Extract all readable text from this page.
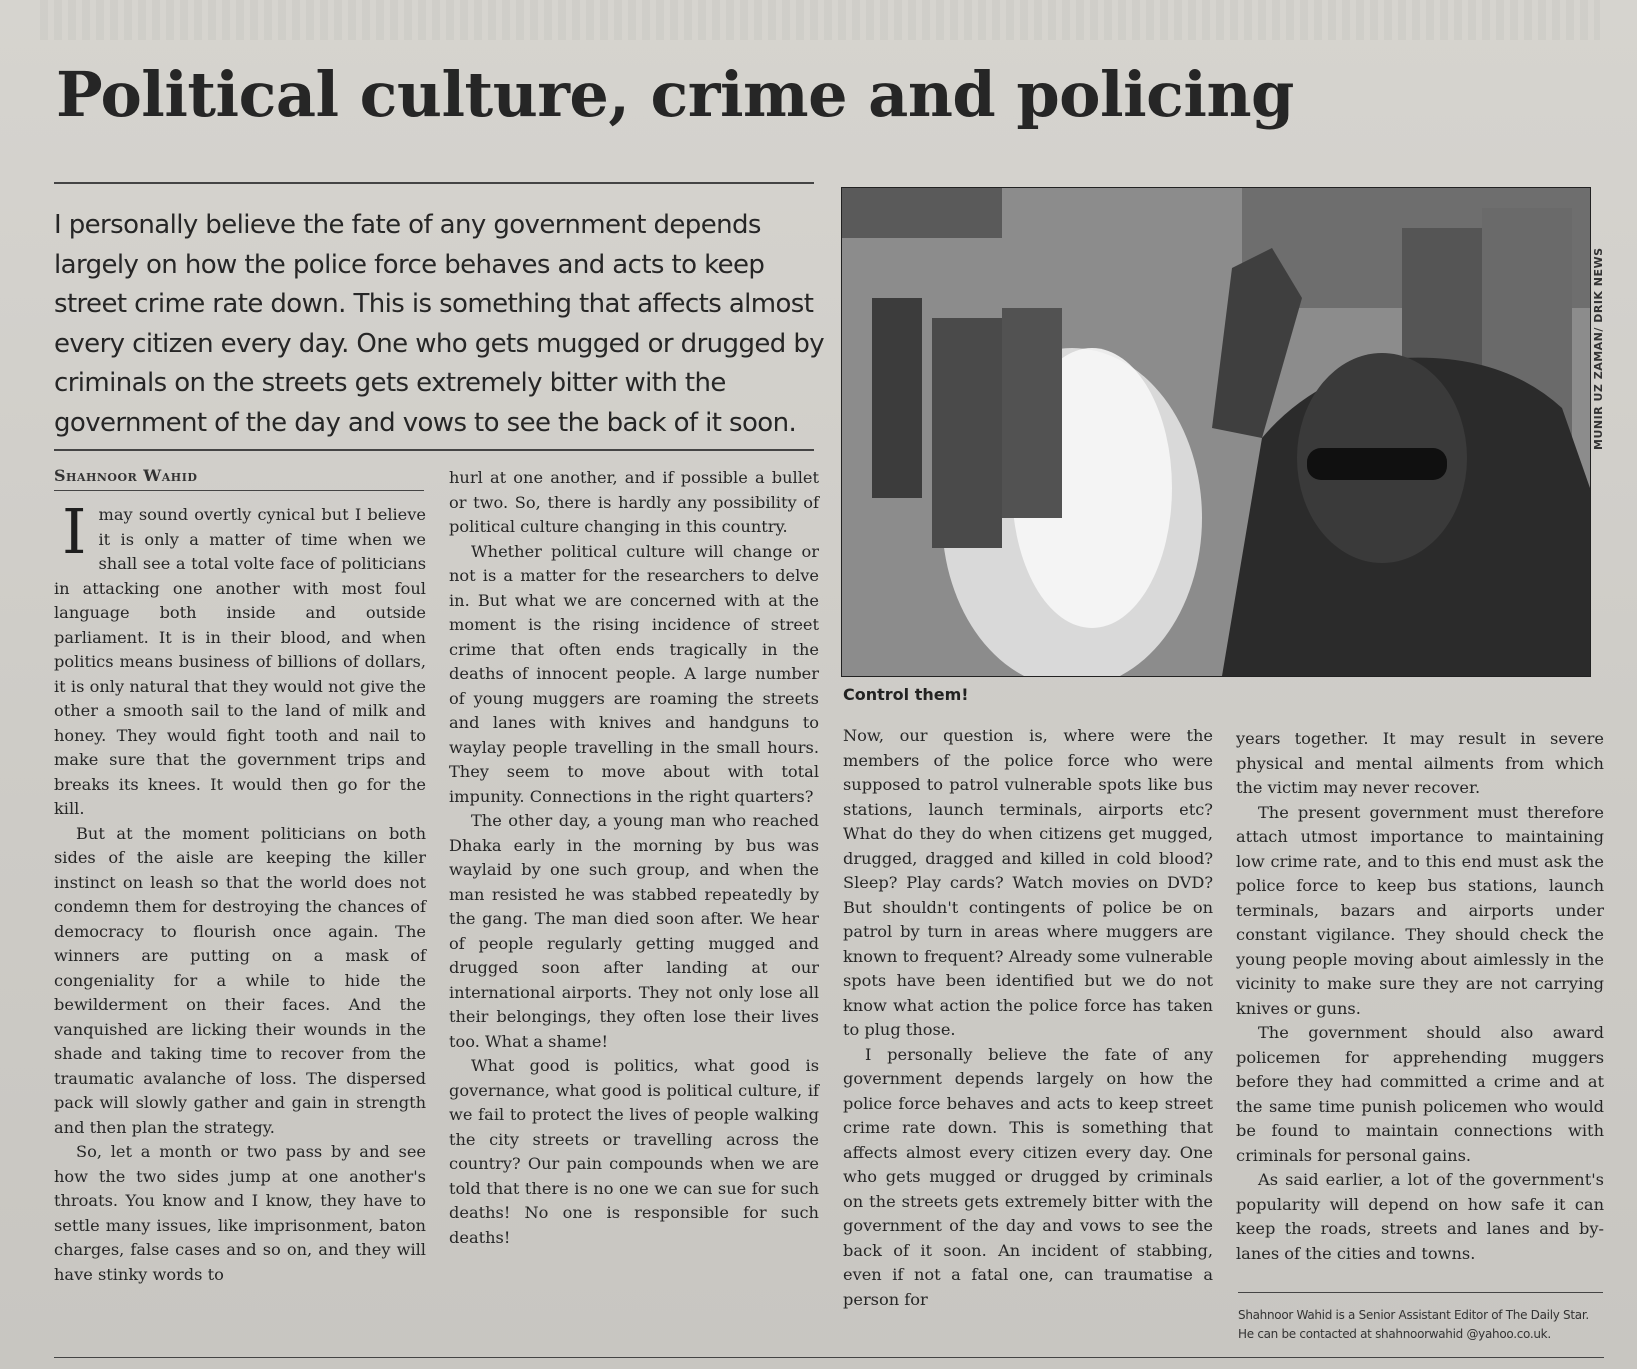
Political culture, crime and policing
I personally believe the fate of any government depends largely on how the police force behaves and acts to keep street crime rate down. This is something that affects almost every citizen every day. One who gets mugged or drugged by criminals on the streets gets extremely bitter with the government of the day and vows to see the back of it soon.
Shahnoor Wahid

Imay sound overtly cynical but I believe it is only a matter of time when we shall see a total volte face of politicians in attacking one another with most foul language both inside and outside parliament. It is in their blood, and when politics means business of billions of dollars, it is only natural that they would not give the other a smooth sail to the land of milk and honey. They would fight tooth and nail to make sure that the government trips and breaks its knees. It would then go for the kill.

But at the moment politicians on both sides of the aisle are keeping the killer instinct on leash so that the world does not condemn them for destroying the chances of democracy to flourish once again. The winners are putting on a mask of congeniality for a while to hide the bewilderment on their faces. And the vanquished are licking their wounds in the shade and taking time to recover from the traumatic avalanche of loss. The dispersed pack will slowly gather and gain in strength and then plan the strategy.

So, let a month or two pass by and see how the two sides jump at one another's throats. You know and I know, they have to settle many issues, like imprisonment, baton charges, false cases and so on, and they will have stinky words to

hurl at one another, and if possible a bullet or two. So, there is hardly any possibility of political culture changing in this country.

Whether political culture will change or not is a matter for the researchers to delve in. But what we are concerned with at the moment is the rising incidence of street crime that often ends tragically in the deaths of innocent people. A large number of young muggers are roaming the streets and lanes with knives and handguns to waylay people travelling in the small hours. They seem to move about with total impunity. Connections in the right quarters?

The other day, a young man who reached Dhaka early in the morning by bus was waylaid by one such group, and when the man resisted he was stabbed repeatedly by the gang. The man died soon after. We hear of people regularly getting mugged and drugged soon after landing at our international airports. They not only lose all their belongings, they often lose their lives too. What a shame!

What good is politics, what good is governance, what good is political culture, if we fail to protect the lives of people walking the city streets or travelling across the country? Our pain compounds when we are told that there is no one we can sue for such deaths! No one is responsible for such deaths!

MUNIR UZ ZAMAN/ DRIK NEWS
Control them!

Now, our question is, where were the members of the police force who were supposed to patrol vulnerable spots like bus stations, launch terminals, airports etc? What do they do when citizens get mugged, drugged, dragged and killed in cold blood? Sleep? Play cards? Watch movies on DVD? But shouldn't contingents of police be on patrol by turn in areas where muggers are known to frequent? Already some vulnerable spots have been identified but we do not know what action the police force has taken to plug those.

I personally believe the fate of any government depends largely on how the police force behaves and acts to keep street crime rate down. This is something that affects almost every citizen every day. One who gets mugged or drugged by criminals on the streets gets extremely bitter with the government of the day and vows to see the back of it soon. An incident of stabbing, even if not a fatal one, can traumatise a person for

years together. It may result in severe physical and mental ailments from which the victim may never recover.

The present government must therefore attach utmost importance to maintaining low crime rate, and to this end must ask the police force to keep bus stations, launch terminals, bazars and airports under constant vigilance. They should check the young people moving about aimlessly in the vicinity to make sure they are not carrying knives or guns.

The government should also award policemen for apprehending muggers before they had committed a crime and at the same time punish policemen who would be found to maintain connections with criminals for personal gains.

As said earlier, a lot of the government's popularity will depend on how safe it can keep the roads, streets and lanes and by-lanes of the cities and towns.

Shahnoor Wahid is a Senior Assistant Editor of The Daily Star. He can be contacted at shahnoorwahid @yahoo.co.uk.
